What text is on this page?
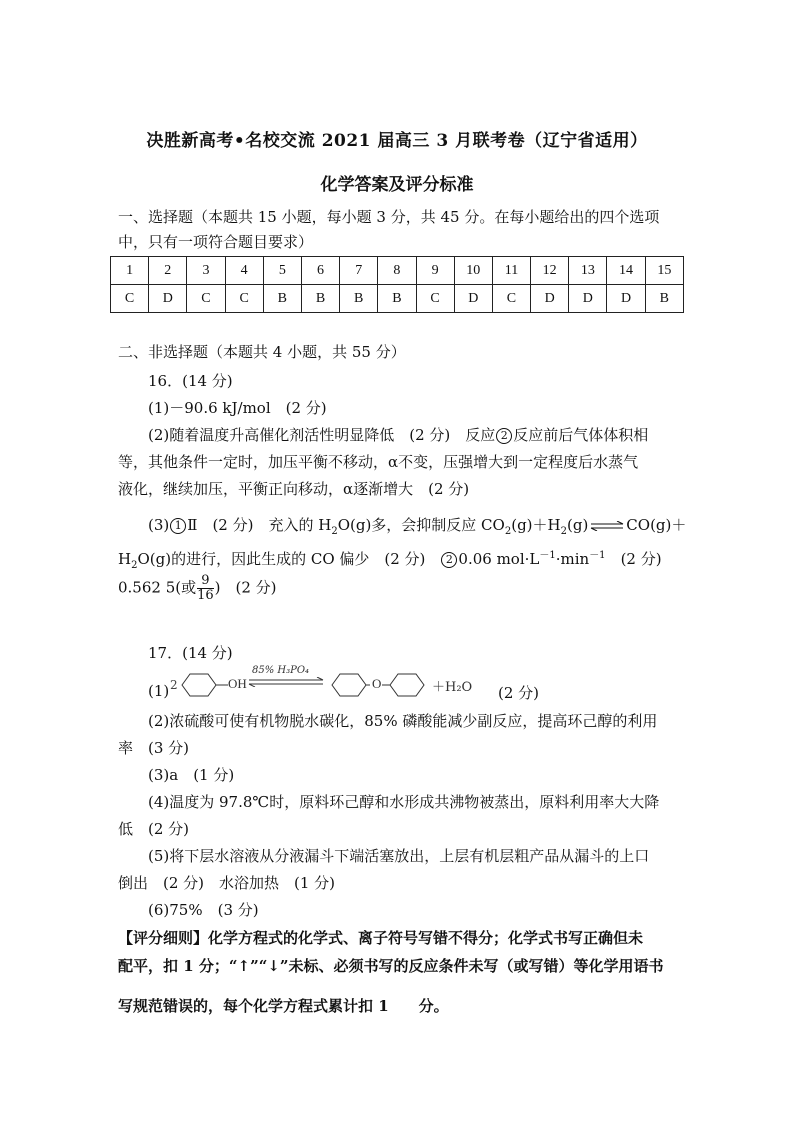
决胜新高考•名校交流 2021 届高三 3 月联考卷（辽宁省适用）
化学答案及评分标准
一、选择题（本题共 15 小题，每小题 3 分，共 45 分。在每小题给出的四个选项
中，只有一项符合题目要求）
1	2	3	4	5	6	7	8	9	10	11	12	13	14	15
C	D	C	C	B	B	B	B	C	D	C	D	D	D	B
二、非选择题（本题共 4 小题，共 55 分）
16．(14 分)
(1)－90.6 kJ/mol　(2 分)
(2)随着温度升高催化剂活性明显降低　(2 分)　反应 2 反应前后气体体积相
等，其他条件一定时，加压平衡不移动，α不变，压强增大到一定程度后水蒸气
液化，继续加压，平衡正向移动，α逐渐增大　(2 分)
(3) 1 Ⅱ　(2 分)　充入的 $H_2O(g)$多，会抑制反应 $CO_2(g)+H_2(g)$ ⇌ CO(g)＋
$H_2O(g)$的进行，因此生成的 CO 偏少　(2 分)　2 0.06 $mol\cdot L^{-1}\cdot\min^{-1}$　(2 分)
0.562 5(或 $\frac{9}{16}$ )　(2 分)
17．(14 分)
(1) 2	OH
85% H₃PO₄
O	＋H₂O (2 分)
(2)浓硫酸可使有机物脱水碳化，85% 磷酸能减少副反应，提高环己醇的利用
率　(3 分)
(3)a　(1 分)
(4)温度为 97.8℃时，原料环己醇和水形成共沸物被蒸出，原料利用率大大降
低　(2 分)
(5)将下层水溶液从分液漏斗下端活塞放出，上层有机层粗产品从漏斗的上口
倒出　(2 分)　水浴加热　(1 分)
(6)75%　(3 分)
【评分细则】化学方程式的化学式、离子符号写错不得分；化学式书写正确但未
配平，扣 1 分；“↑”“↓”未标、必须书写的反应条件未写（或写错）等化学用语书
写规范错误的，每个化学方程式累计扣 1　　分。
